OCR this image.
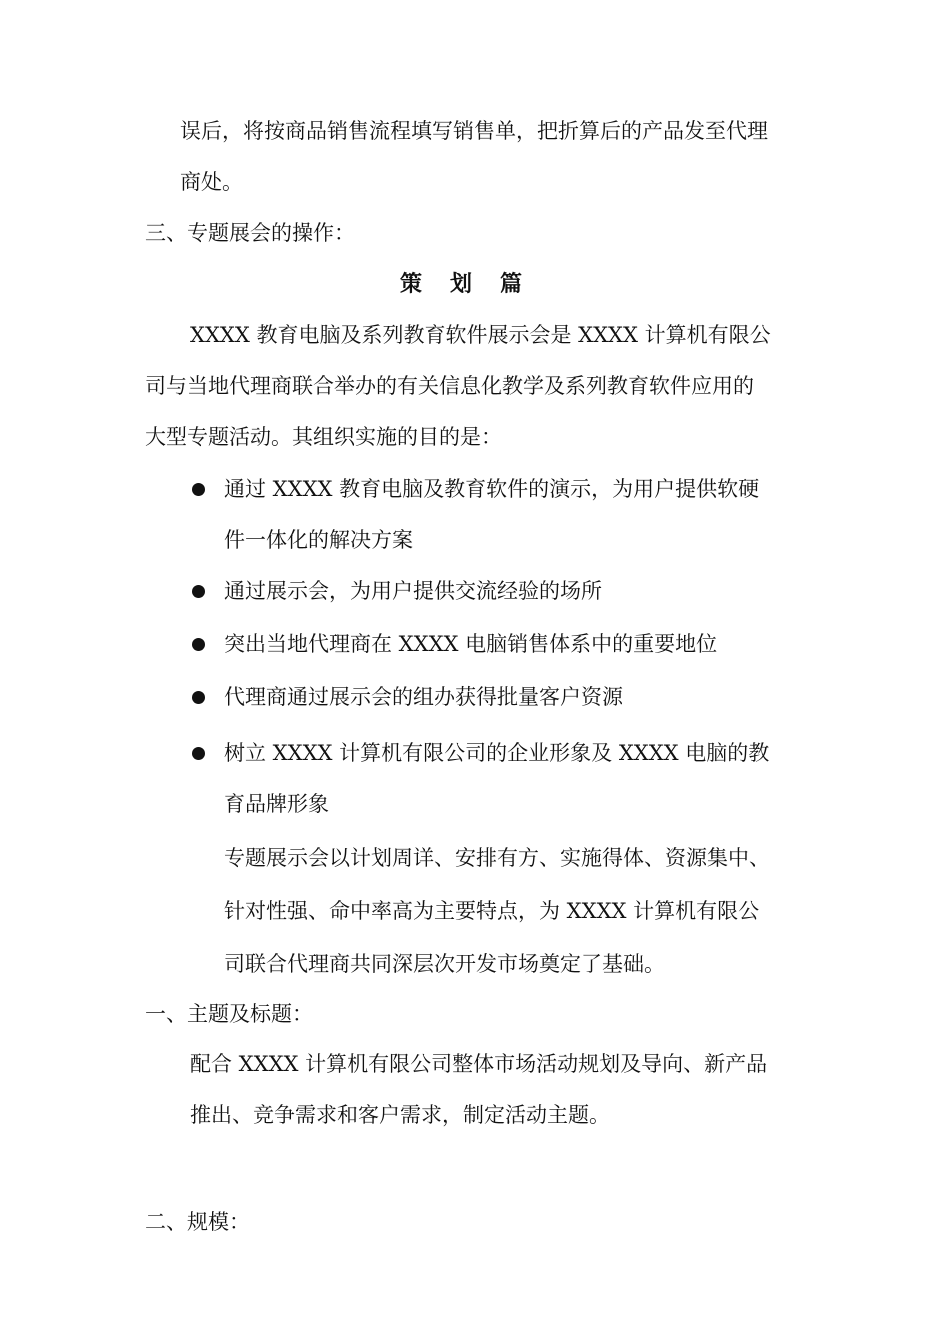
误后，将按商品销售流程填写销售单，把折算后的产品发至代理
商处。
三、专题展会的操作：
策划篇
XXXX 教育电脑及系列教育软件展示会是 XXXX 计算机有限公
司与当地代理商联合举办的有关信息化教学及系列教育软件应用的
大型专题活动。其组织实施的目的是：
通过 XXXX 教育电脑及教育软件的演示，为用户提供软硬
件一体化的解决方案
通过展示会，为用户提供交流经验的场所
突出当地代理商在 XXXX 电脑销售体系中的重要地位
代理商通过展示会的组办获得批量客户资源
树立 XXXX 计算机有限公司的企业形象及 XXXX 电脑的教
育品牌形象
专题展示会以计划周详、安排有方、实施得体、资源集中、
针对性强、命中率高为主要特点，为 XXXX 计算机有限公
司联合代理商共同深层次开发市场奠定了基础。
一、主题及标题：
配合 XXXX 计算机有限公司整体市场活动规划及导向、新产品
推出、竞争需求和客户需求，制定活动主题。
二、规模：
